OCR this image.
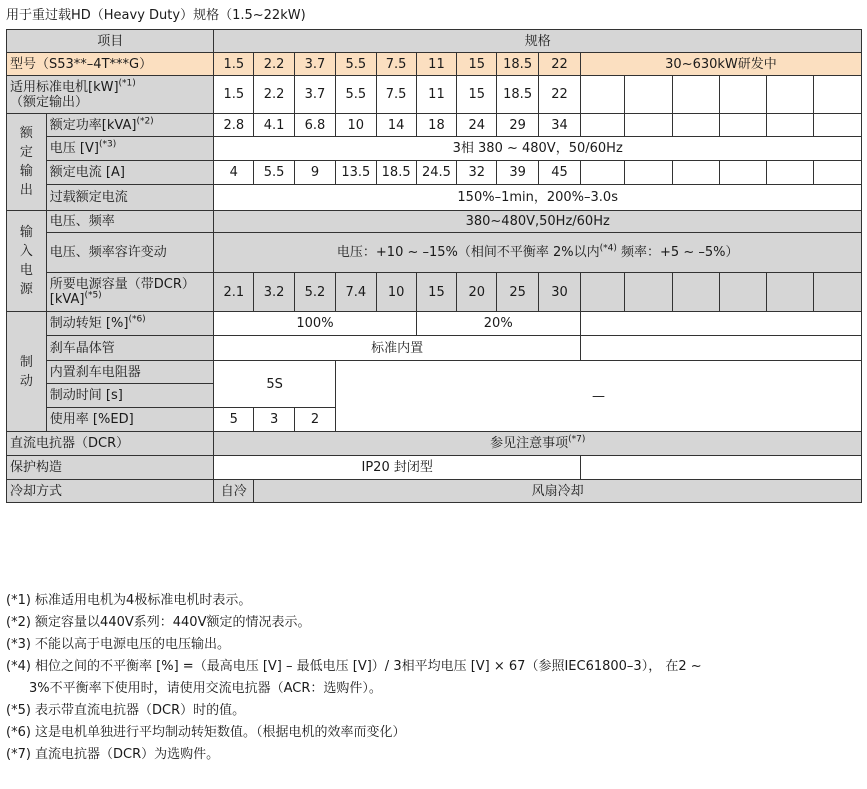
用于重过载HD（Heavy Duty）规格（1.5~22kW)
项目		规格														
型号（S53**–4T***G）		1.5	2.2	3.7	5.5	7.5	11	15	18.5	22	30~630kW研发中					
适用标准电机[kW]$^{(*1)}$
（额定输出）		1.5	2.2	3.7	5.5	7.5	11	15	18.5	22						
额定输出	额定功率[kVA]$^{(*2)}$	2.8	4.1	6.8	10	14	18	24	29	34						
	电压 $[V]^{(*3)}$	3相 380 ~ 480V，50/60Hz														
	额定电流 [A]	4	5.5	9	13.5	18.5	24.5	32	39	45						
	过载额定电流	150%–1min，200%–3.0s														
输入电源	电压、频率	380~480V,50Hz/60Hz														
	电压、频率容许变动	电压：+10 ~ –15%（相间不平衡率 2%以内$^{(*4)}$ 频率：+5 ~ –5%）														
	所要电源容量（带DCR）[kVA]$^{(*5)}$	2.1	3.2	5.2	7.4	10	15	20	25	30						
制动	制动转矩 [%]$^{(*6)}$	100%					20%									
	刹车晶体管	标准内置														
	内置刹车电阻器	5S			—											
	制动时间 [s]															
	使用率 [%ED]	5	3	2												
直流电抗器（DCR）		参见注意事项$^{(*7)}$
保护构造		IP20 封闭型														
冷却方式		自冷	风扇冷却													
(*1) 标准适用电机为4极标准电机时表示。
(*2) 额定容量以440V系列：440V额定的情况表示。
(*3) 不能以高于电源电压的电压输出。
(*4) 相位之间的不平衡率 [%] =（最高电压 [V] – 最低电压 [V]）/ 3相平均电压 [V] × 67（参照IEC61800–3）， 在2 ~
3%不平衡率下使用时，请使用交流电抗器（ACR：选购件）。
(*5) 表示带直流电抗器（DCR）时的值。
(*6) 这是电机单独进行平均制动转矩数值。（根据电机的效率而变化）
(*7) 直流电抗器（DCR）为选购件。
